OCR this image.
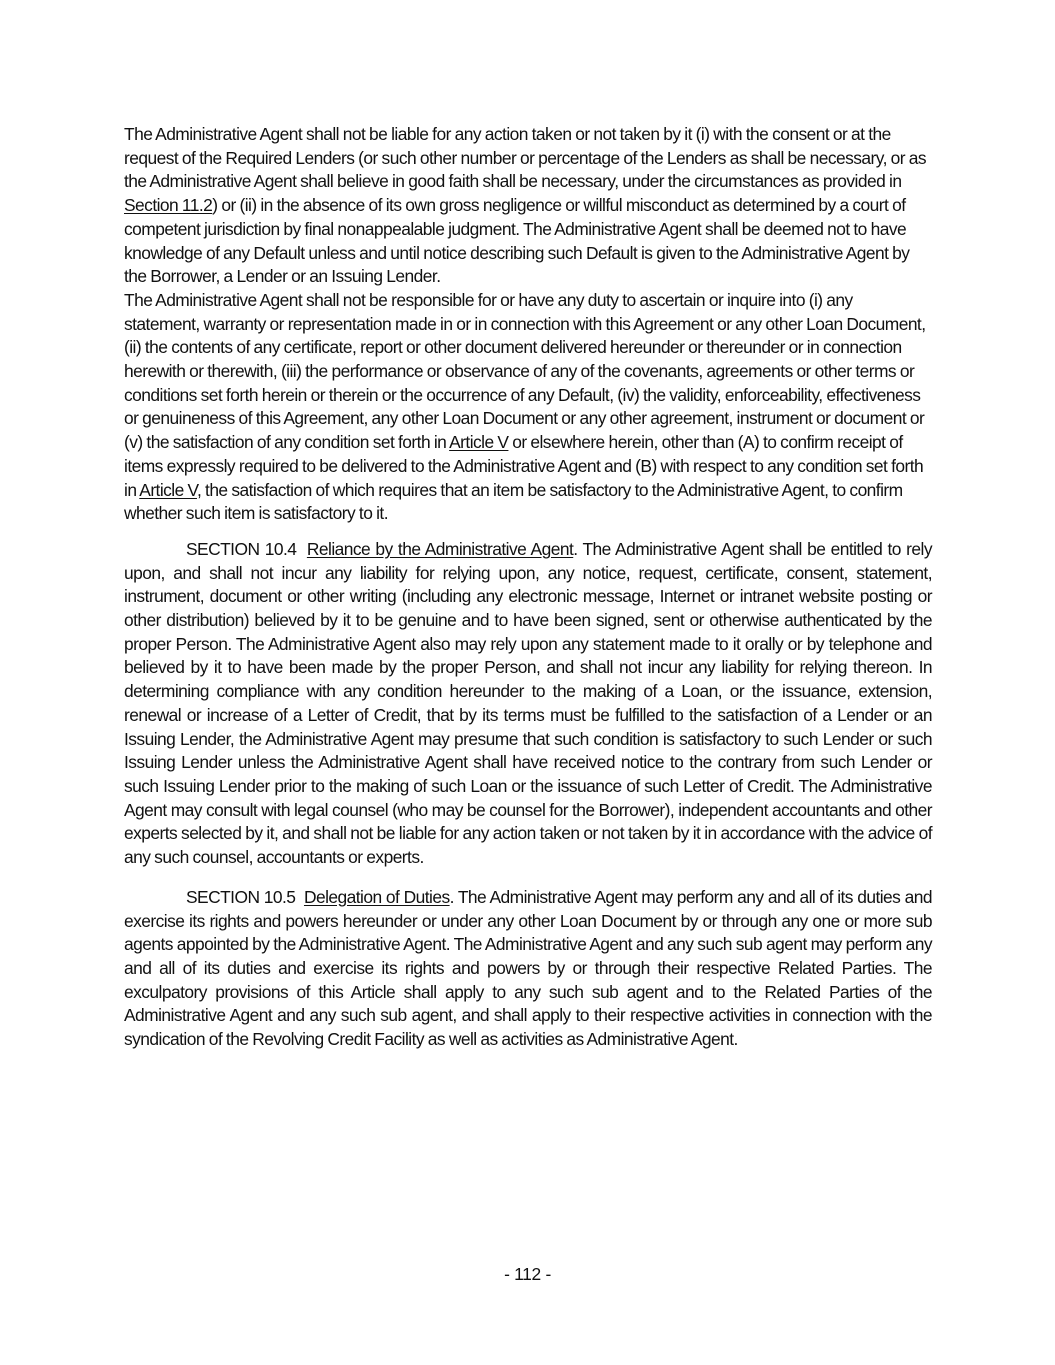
The Administrative Agent shall not be liable for any action taken or not taken by it (i) with the consent or at the request of the Required Lenders (or such other number or percentage of the Lenders as shall be necessary, or as the Administrative Agent shall believe in good faith shall be necessary, under the circumstances as provided in Section 11.2) or (ii) in the absence of its own gross negligence or willful misconduct as determined by a court of competent jurisdiction by final nonappealable judgment. The Administrative Agent shall be deemed not to have knowledge of any Default unless and until notice describing such Default is given to the Administrative Agent by the Borrower, a Lender or an Issuing Lender.

The Administrative Agent shall not be responsible for or have any duty to ascertain or inquire into (i) any statement, warranty or representation made in or in connection with this Agreement or any other Loan Document, (ii) the contents of any certificate, report or other document delivered hereunder or thereunder or in connection herewith or therewith, (iii) the performance or observance of any of the covenants, agreements or other terms or conditions set forth herein or therein or the occurrence of any Default, (iv) the validity, enforceability, effectiveness or genuineness of this Agreement, any other Loan Document or any other agreement, instrument or document or (v) the satisfaction of any condition set forth in Article V or elsewhere herein, other than (A) to confirm receipt of items expressly required to be delivered to the Administrative Agent and (B) with respect to any condition set forth in Article V, the satisfaction of which requires that an item be satisfactory to the Administrative Agent, to confirm whether such item is satisfactory to it.

SECTION 10.4 Reliance by the Administrative Agent. The Administrative Agent shall be entitled to rely upon, and shall not incur any liability for relying upon, any notice, request, certificate, consent, statement, instrument, document or other writing (including any electronic message, Internet or intranet website posting or other distribution) believed by it to be genuine and to have been signed, sent or otherwise authenticated by the proper Person. The Administrative Agent also may rely upon any statement made to it orally or by telephone and believed by it to have been made by the proper Person, and shall not incur any liability for relying thereon. In determining compliance with any condition hereunder to the making of a Loan, or the issuance, extension, renewal or increase of a Letter of Credit, that by its terms must be fulfilled to the satisfaction of a Lender or an Issuing Lender, the Administrative Agent may presume that such condition is satisfactory to such Lender or such Issuing Lender unless the Administrative Agent shall have received notice to the contrary from such Lender or such Issuing Lender prior to the making of such Loan or the issuance of such Letter of Credit. The Administrative Agent may consult with legal counsel (who may be counsel for the Borrower), independent accountants and other experts selected by it, and shall not be liable for any action taken or not taken by it in accordance with the advice of any such counsel, accountants or experts.

SECTION 10.5 Delegation of Duties. The Administrative Agent may perform any and all of its duties and exercise its rights and powers hereunder or under any other Loan Document by or through any one or more sub agents appointed by the Administrative Agent. The Administrative Agent and any such sub agent may perform any and all of its duties and exercise its rights and powers by or through their respective Related Parties. The exculpatory provisions of this Article shall apply to any such sub agent and to the Related Parties of the Administrative Agent and any such sub agent, and shall apply to their respective activities in connection with the syndication of the Revolving Credit Facility as well as activities as Administrative Agent.

- 112 -
